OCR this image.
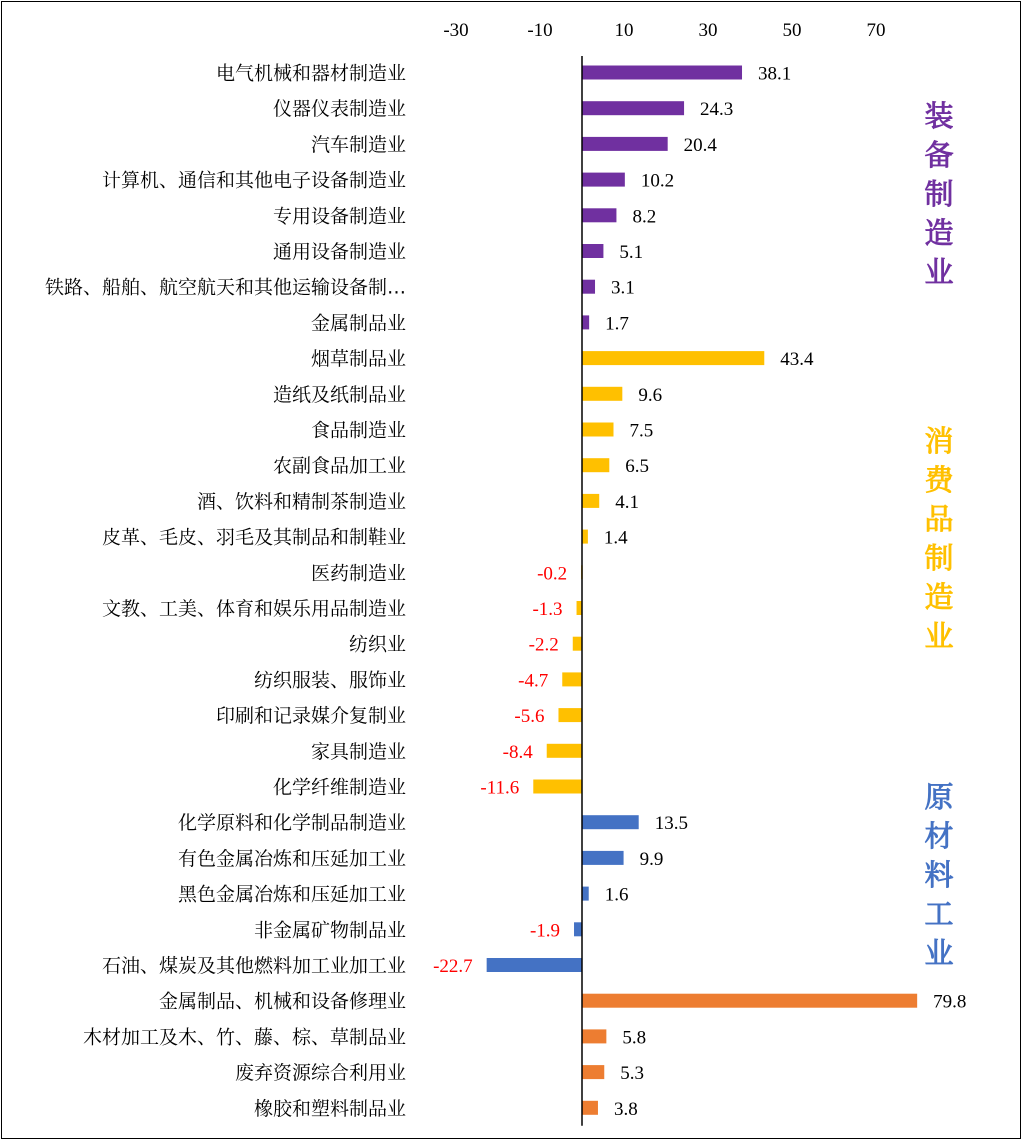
-30	-10	10	30	50	70
电气机械和器材制造业	38.1
仪器仪表制造业	24.3
汽车制造业	20.4
计算机、通信和其他电子设备制造业	10.2
专用设备制造业	8.2
通用设备制造业	5.1
铁路、船舶、航空航天和其他运输设备制…	3.1
金属制品业	1.7
烟草制品业	43.4
造纸及纸制品业	9.6
食品制造业	7.5
农副食品加工业	6.5
酒、饮料和精制茶制造业	4.1
皮革、毛皮、羽毛及其制品和制鞋业	1.4
医药制造业	-0.2
文教、工美、体育和娱乐用品制造业	-1.3
纺织业	-2.2
纺织服装、服饰业	-4.7
印刷和记录媒介复制业	-5.6
家具制造业	-8.4
化学纤维制造业	-11.6
化学原料和化学制品制造业	13.5
有色金属冶炼和压延加工业	9.9
黑色金属冶炼和压延加工业	1.6
非金属矿物制品业	-1.9
石油、煤炭及其他燃料加工业加工业 -22.7
金属制品、机械和设备修理业	79.8
木材加工及木、竹、藤、棕、草制品业	5.8
废弃资源综合利用业	5.3
橡胶和塑料制品业	3.8
装
备
制
造
业
消
费
品
制
造
业
原
材
料
工
业
